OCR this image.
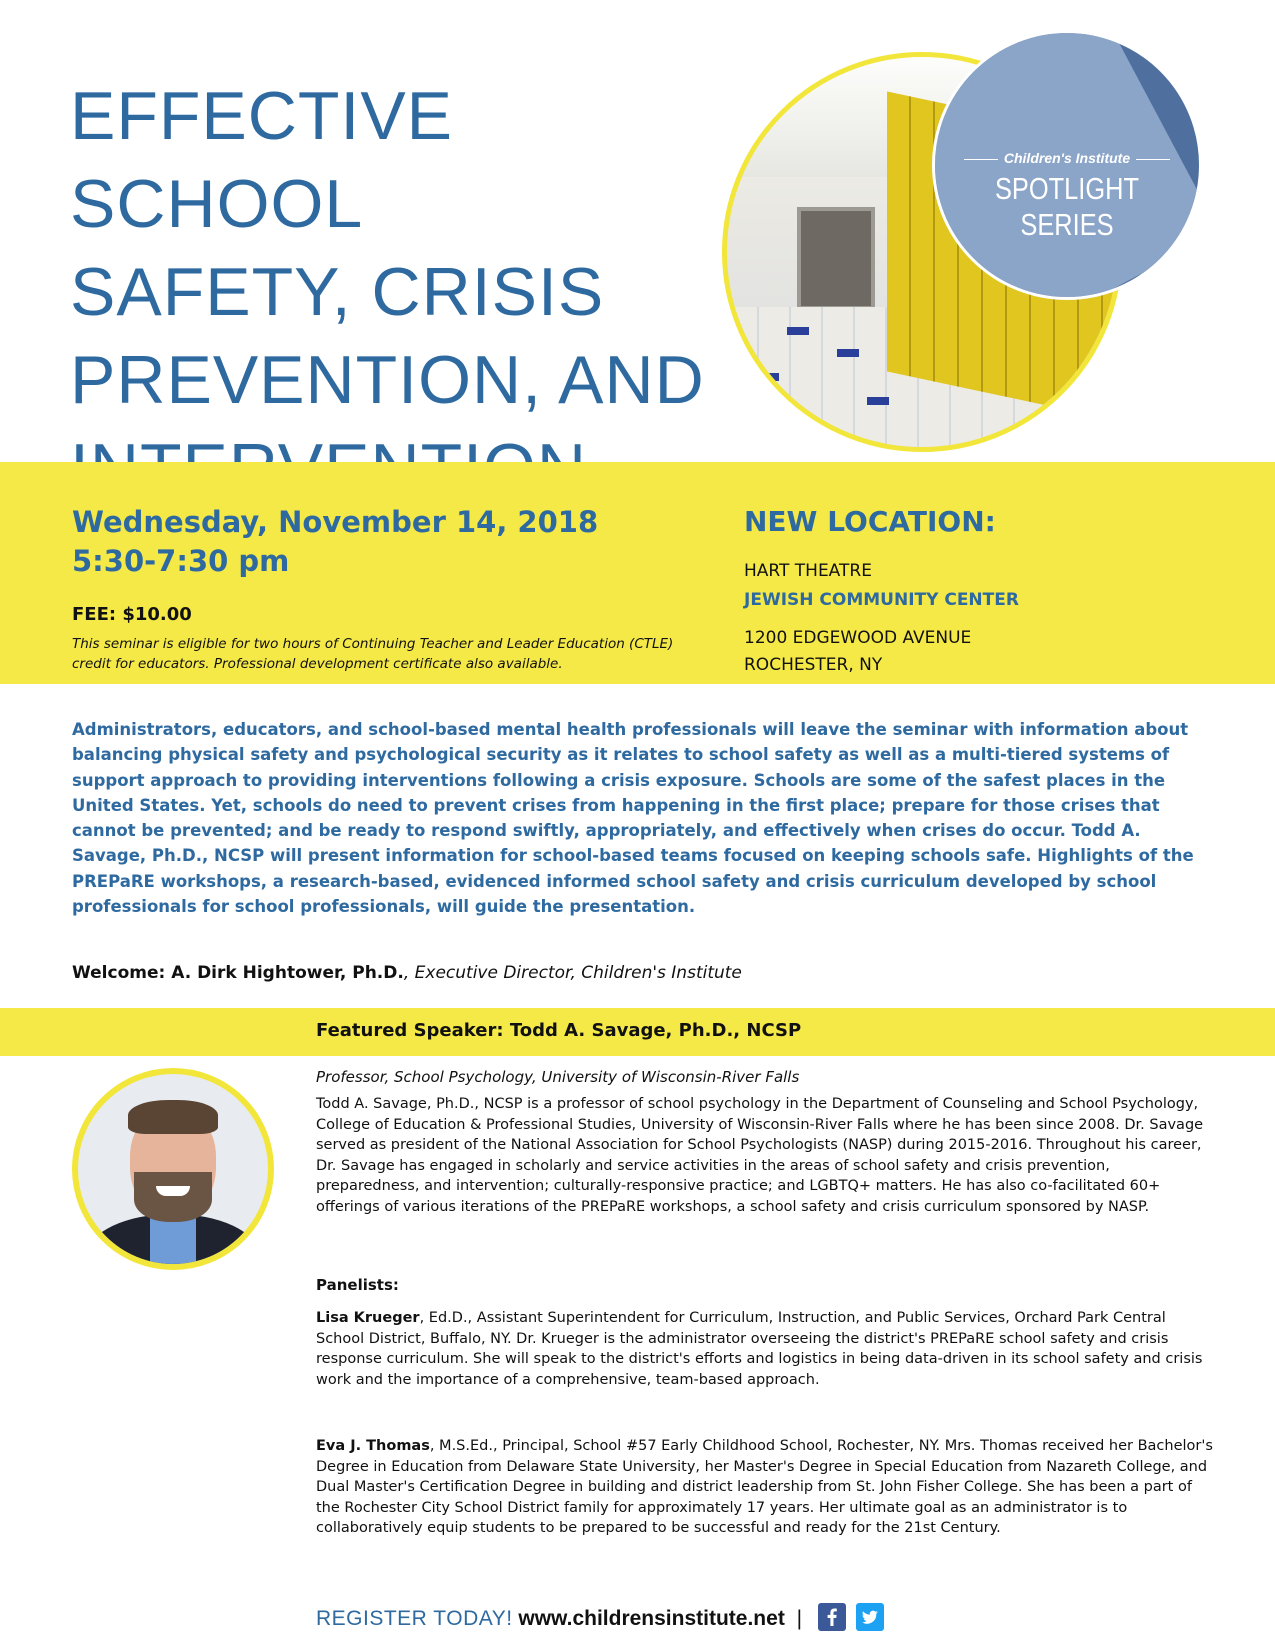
EFFECTIVE SCHOOL
SAFETY, CRISIS
PREVENTION, AND
Children's Institute
SPOTLIGHT SERIES
Wednesday, November 14, 2018
5:30-7:30 pm
FEE: $10.00
This seminar is eligible for two hours of Continuing Teacher and Leader Education (CTLE) credit for educators. Professional development certificate also available.
NEW LOCATION:
HART THEATRE
JEWISH COMMUNITY CENTER
1200 EDGEWOOD AVENUE
ROCHESTER, NY

Administrators, educators, and school-based mental health professionals will leave the seminar with information about balancing physical safety and psychological security as it relates to school safety as well as a multi-tiered systems of support approach to providing interventions following a crisis exposure. Schools are some of the safest places in the United States. Yet, schools do need to prevent crises from happening in the first place; prepare for those crises that cannot be prevented; and be ready to respond swiftly, appropriately, and effectively when crises do occur. Todd A. Savage, Ph.D., NCSP will present information for school-based teams focused on keeping schools safe. Highlights of the PREPaRE workshops, a research-based, evidenced informed school safety and crisis curriculum developed by school professionals for school professionals, will guide the presentation.

Welcome: A. Dirk Hightower, Ph.D., Executive Director, Children's Institute
Featured Speaker: Todd A. Savage, Ph.D., NCSP
Professor, School Psychology, University of Wisconsin-River Falls

Todd A. Savage, Ph.D., NCSP is a professor of school psychology in the Department of Counseling and School Psychology, College of Education & Professional Studies, University of Wisconsin-River Falls where he has been since 2008. Dr. Savage served as president of the National Association for School Psychologists (NASP) during 2015-2016. Throughout his career, Dr. Savage has engaged in scholarly and service activities in the areas of school safety and crisis prevention, preparedness, and intervention; culturally-responsive practice; and LGBTQ+ matters. He has also co-facilitated 60+ offerings of various iterations of the PREPaRE workshops, a school safety and crisis curriculum sponsored by NASP.

Panelists:

Lisa Krueger, Ed.D., Assistant Superintendent for Curriculum, Instruction, and Public Services, Orchard Park Central School District, Buffalo, NY. Dr. Krueger is the administrator overseeing the district's PREPaRE school safety and crisis response curriculum. She will speak to the district's efforts and logistics in being data-driven in its school safety and crisis work and the importance of a comprehensive, team-based approach.

Eva J. Thomas, M.S.Ed., Principal, School #57 Early Childhood School, Rochester, NY. Mrs. Thomas received her Bachelor's Degree in Education from Delaware State University, her Master's Degree in Special Education from Nazareth College, and Dual Master's Certification Degree in building and district leadership from St. John Fisher College. She has been a part of the Rochester City School District family for approximately 17 years. Her ultimate goal as an administrator is to collaboratively equip students to be prepared to be successful and ready for the 21st Century.

REGISTER TODAY! www.childrensinstitute.net |
